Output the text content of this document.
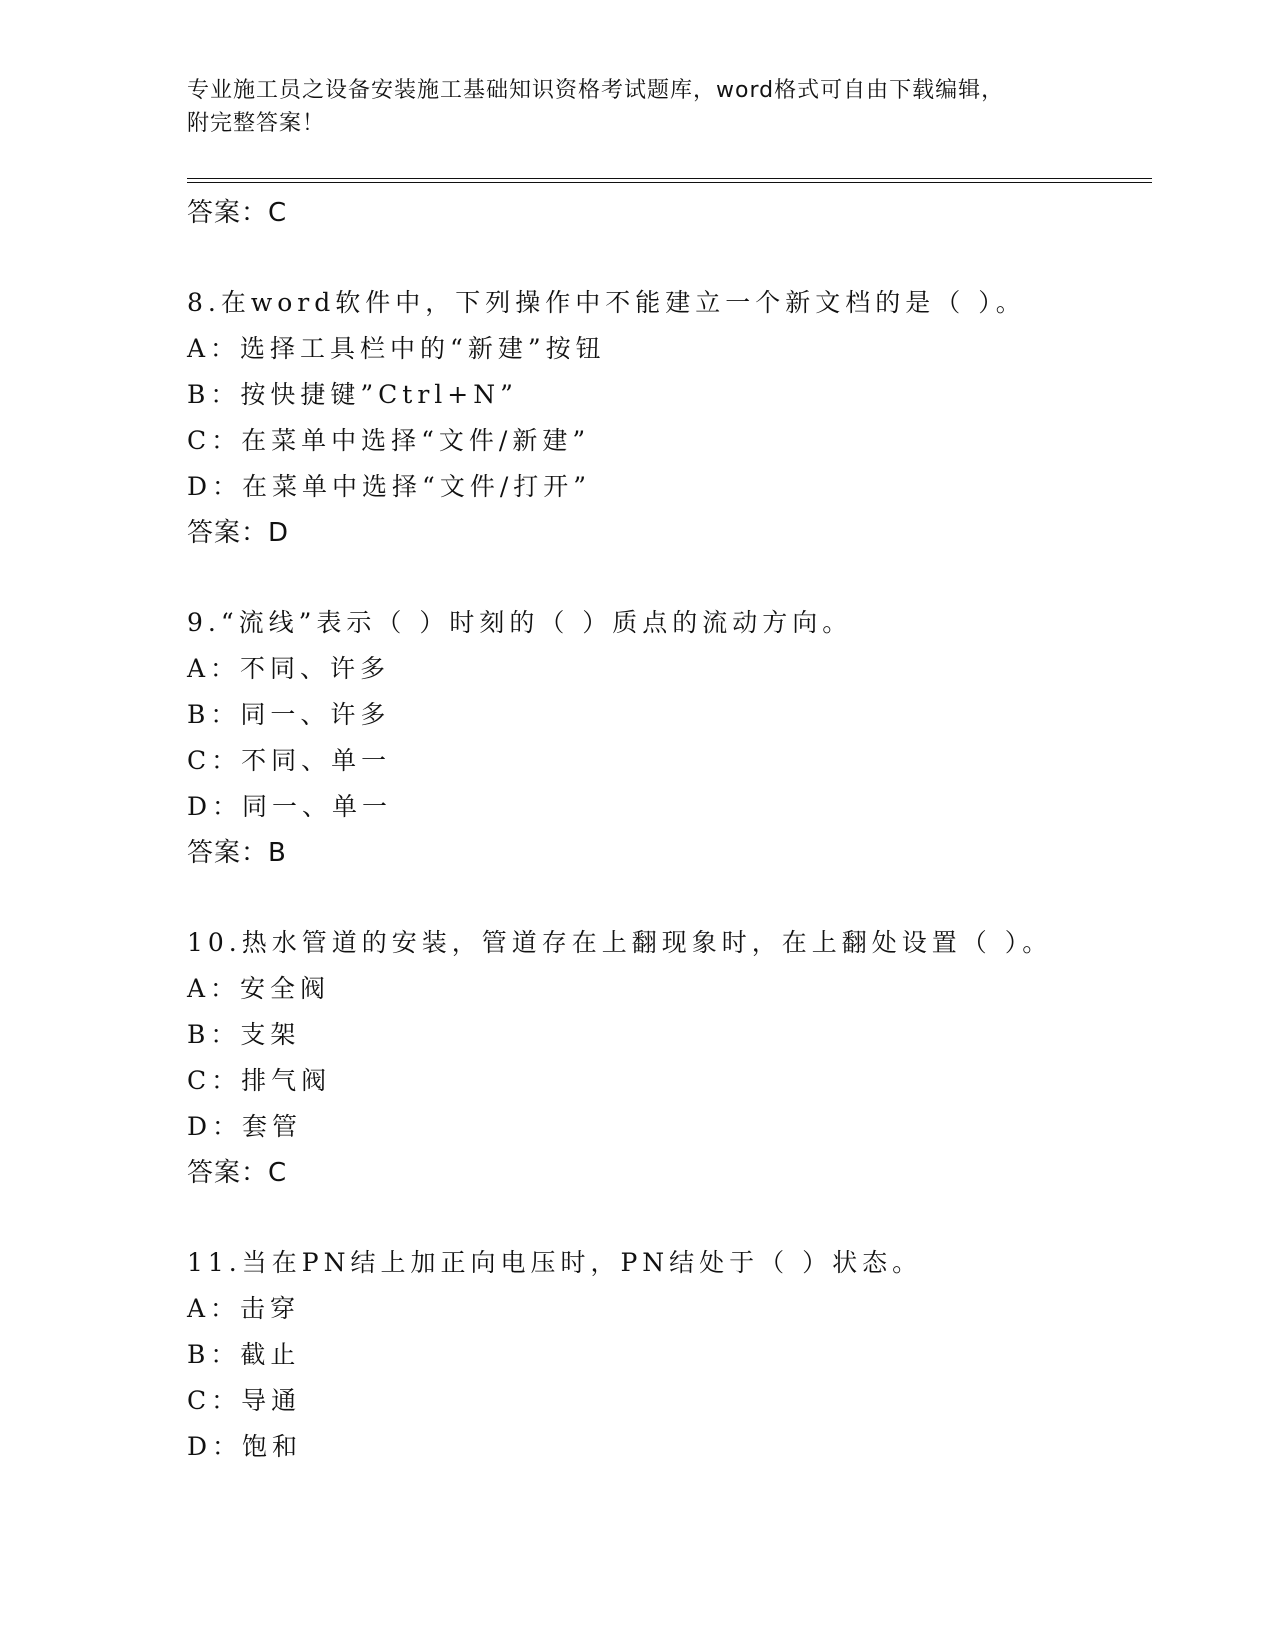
专业施工员之设备安装施工基础知识资格考试题库，word格式可自由下载编辑，
附完整答案！
答案：C
8.在word软件中，下列操作中不能建立一个新文档的是（ ）。
A：选择工具栏中的“新建”按钮
B：按快捷键”Ctrl+N”
C：在菜单中选择“文件/新建”
D：在菜单中选择“文件/打开”
答案：D
9.“流线”表示（ ）时刻的（ ）质点的流动方向。
A：不同、许多
B：同一、许多
C：不同、单一
D：同一、单一
答案：B
10.热水管道的安装，管道存在上翻现象时，在上翻处设置（ ）。
A：安全阀
B：支架
C：排气阀
D：套管
答案：C
11.当在PN结上加正向电压时，PN结处于（ ）状态。
A：击穿
B：截止
C：导通
D：饱和
